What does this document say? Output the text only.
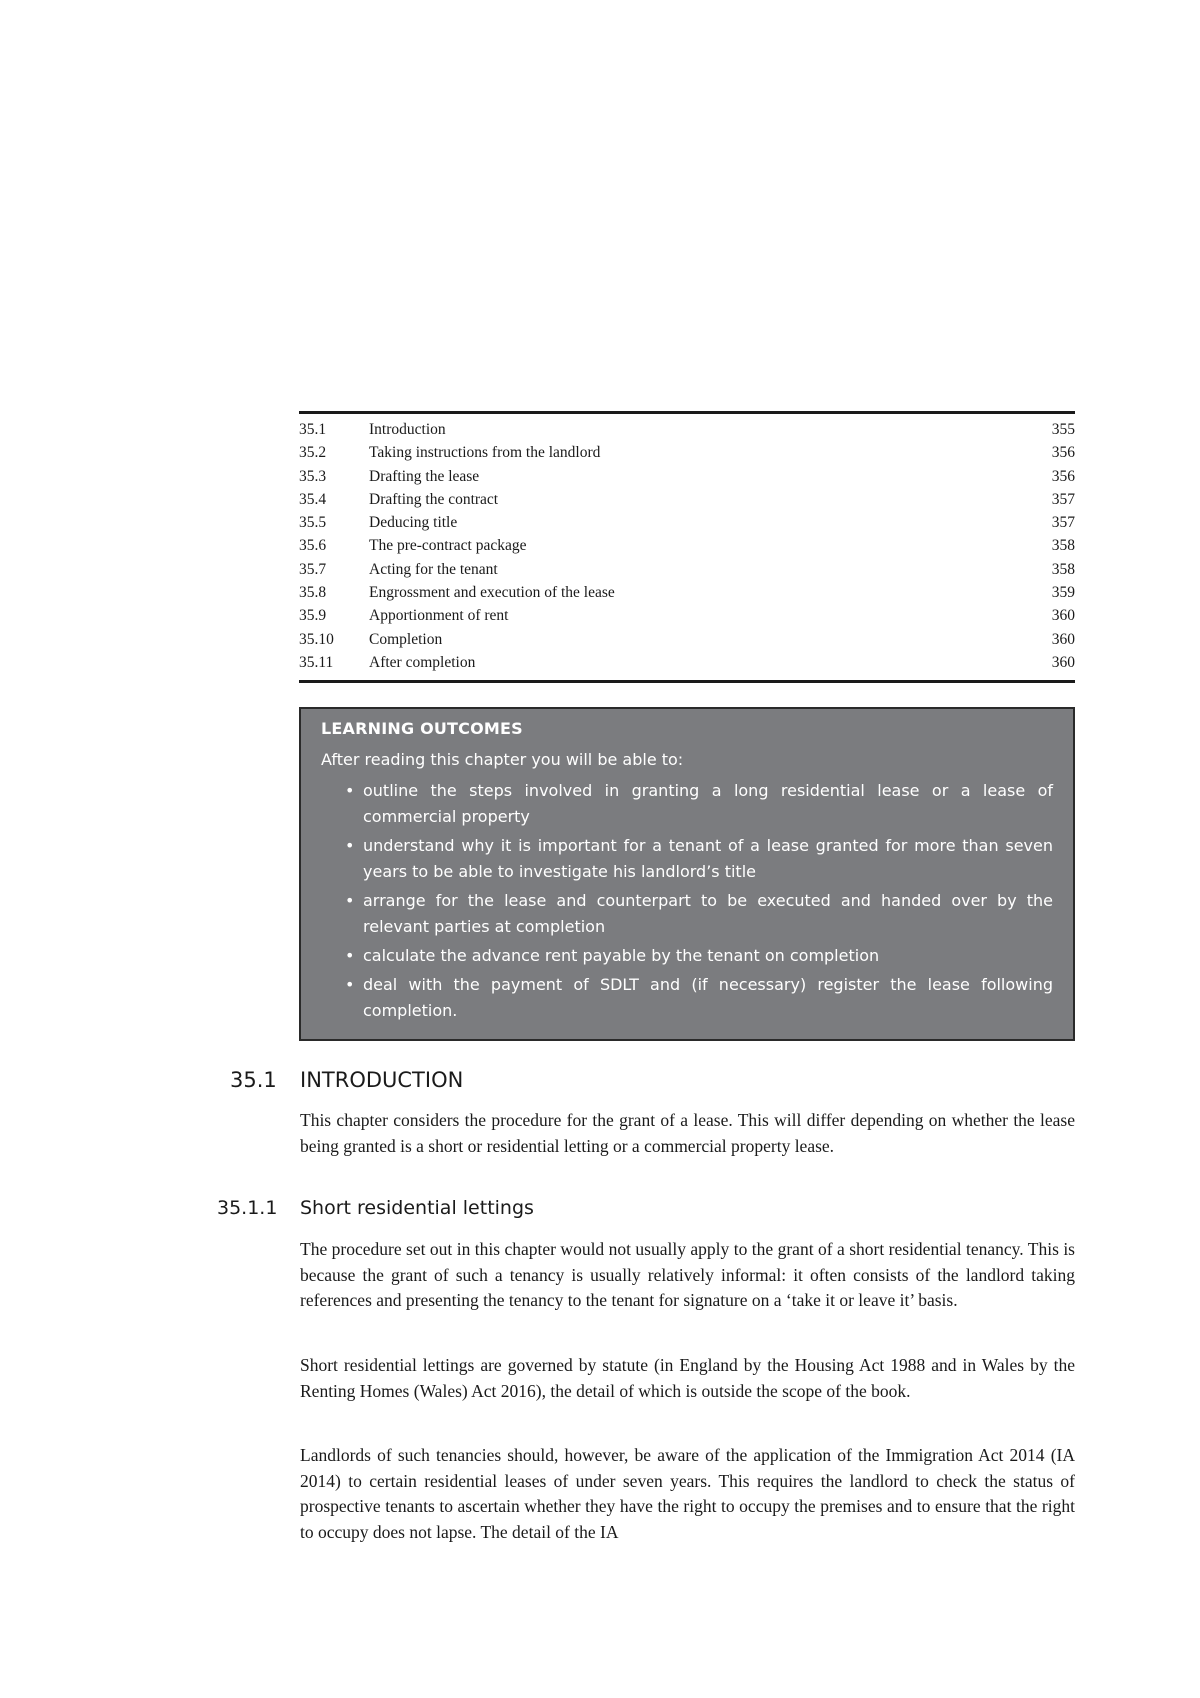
35.1	Introduction	355
35.2	Taking instructions from the landlord	356
35.3	Drafting the lease	356
35.4	Drafting the contract	357
35.5	Deducing title	357
35.6	The pre-contract package	358
35.7	Acting for the tenant	358
35.8	Engrossment and execution of the lease	359
35.9	Apportionment of rent	360
35.10	Completion	360
35.11	After completion	360

LEARNING OUTCOMES

After reading this chapter you will be able to:

• outline the steps involved in granting a long residential lease or a lease of commercial property
• understand why it is important for a tenant of a lease granted for more than seven years to be able to investigate his landlord’s title
• arrange for the lease and counterpart to be executed and handed over by the relevant parties at completion
• calculate the advance rent payable by the tenant on completion
• deal with the payment of SDLT and (if necessary) register the lease following completion.
35.1 INTRODUCTION

This chapter considers the procedure for the grant of a lease. This will differ depending on whether the lease being granted is a short or residential letting or a commercial property lease.

35.1.1 Short residential lettings

The procedure set out in this chapter would not usually apply to the grant of a short residential tenancy. This is because the grant of such a tenancy is usually relatively informal: it often consists of the landlord taking references and presenting the tenancy to the tenant for signature on a ‘take it or leave it’ basis.

Short residential lettings are governed by statute (in England by the Housing Act 1988 and in Wales by the Renting Homes (Wales) Act 2016), the detail of which is outside the scope of the book.

Landlords of such tenancies should, however, be aware of the application of the Immigration Act 2014 (IA 2014) to certain residential leases of under seven years. This requires the landlord to check the status of prospective tenants to ascertain whether they have the right to occupy the premises and to ensure that the right to occupy does not lapse. The detail of the IA
